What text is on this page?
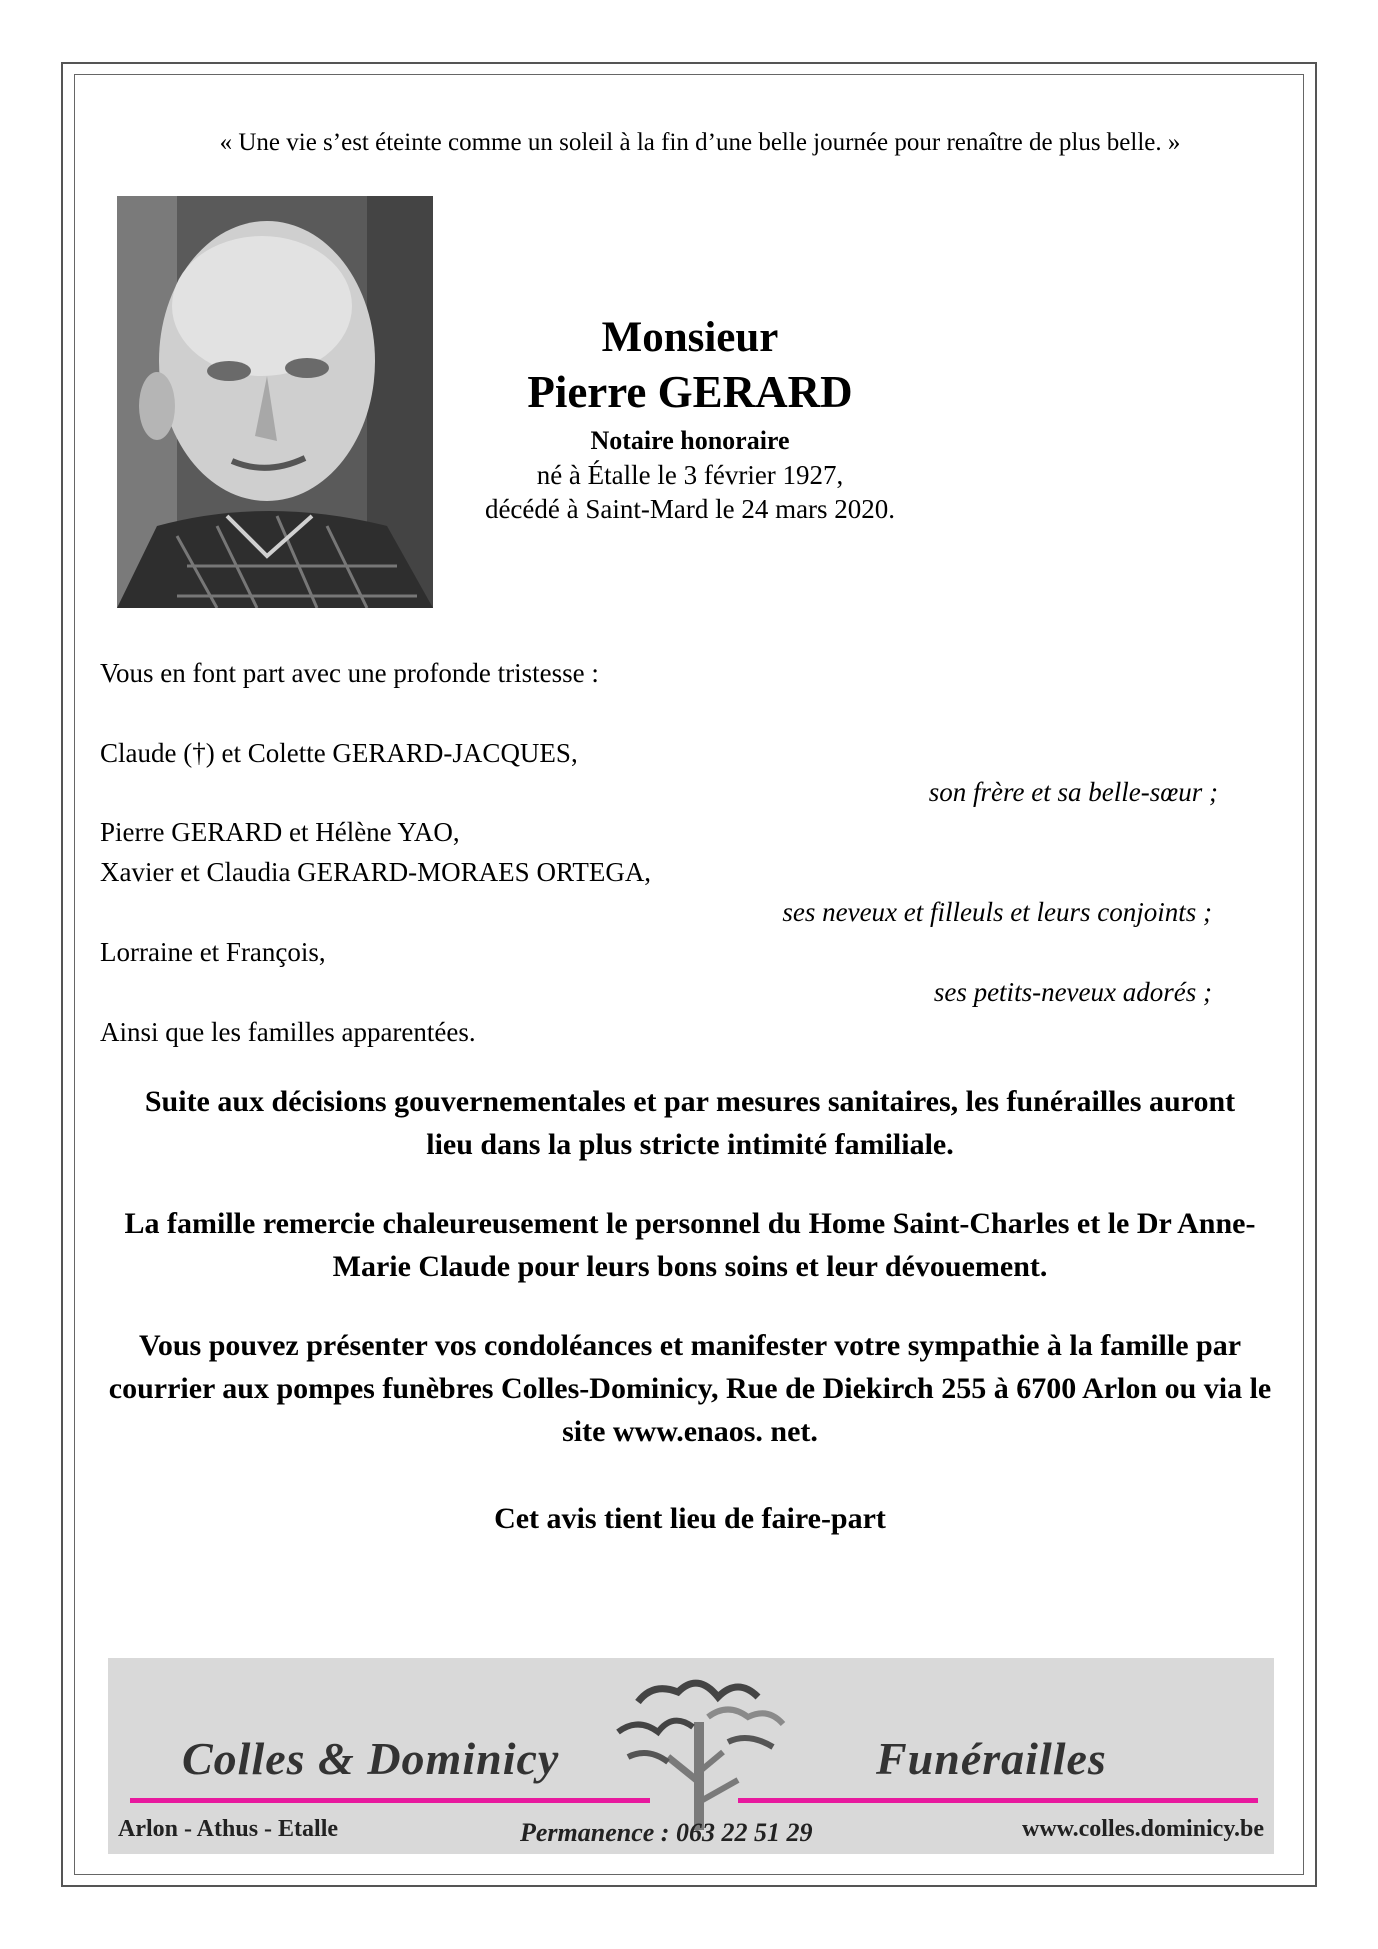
« Une vie s’est éteinte comme un soleil à la fin d’une belle journée pour renaître de plus belle. »

Monsieur

Pierre GERARD

Notaire honoraire

né à Étalle le 3 février 1927,

décédé à Saint-Mard le 24 mars 2020.

Vous en font part avec une profonde tristesse :
Claude (†) et Colette GERARD-JACQUES,
son frère et sa belle-sœur ;
Pierre GERARD et Hélène YAO,
Xavier et Claudia GERARD-MORAES ORTEGA,
ses neveux et filleuls et leurs conjoints ;
Lorraine et François,
ses petits-neveux adorés ;
Ainsi que les familles apparentées.
Suite aux décisions gouvernementales et par mesures sanitaires, les funérailles auront lieu dans la plus stricte intimité familiale.
La famille remercie chaleureusement le personnel du Home Saint-Charles et le Dr Anne-Marie Claude pour leurs bons soins et leur dévouement.
Vous pouvez présenter vos condoléances et manifester votre sympathie à la famille par courrier aux pompes funèbres Colles-Dominicy, Rue de Diekirch 255 à 6700 Arlon ou via le site www.enaos. net.
Cet avis tient lieu de faire-part
Colles & Dominicy	Funérailles
Arlon - Athus - Etalle	Permanence : 063 22 51 29	www.colles.dominicy.be
